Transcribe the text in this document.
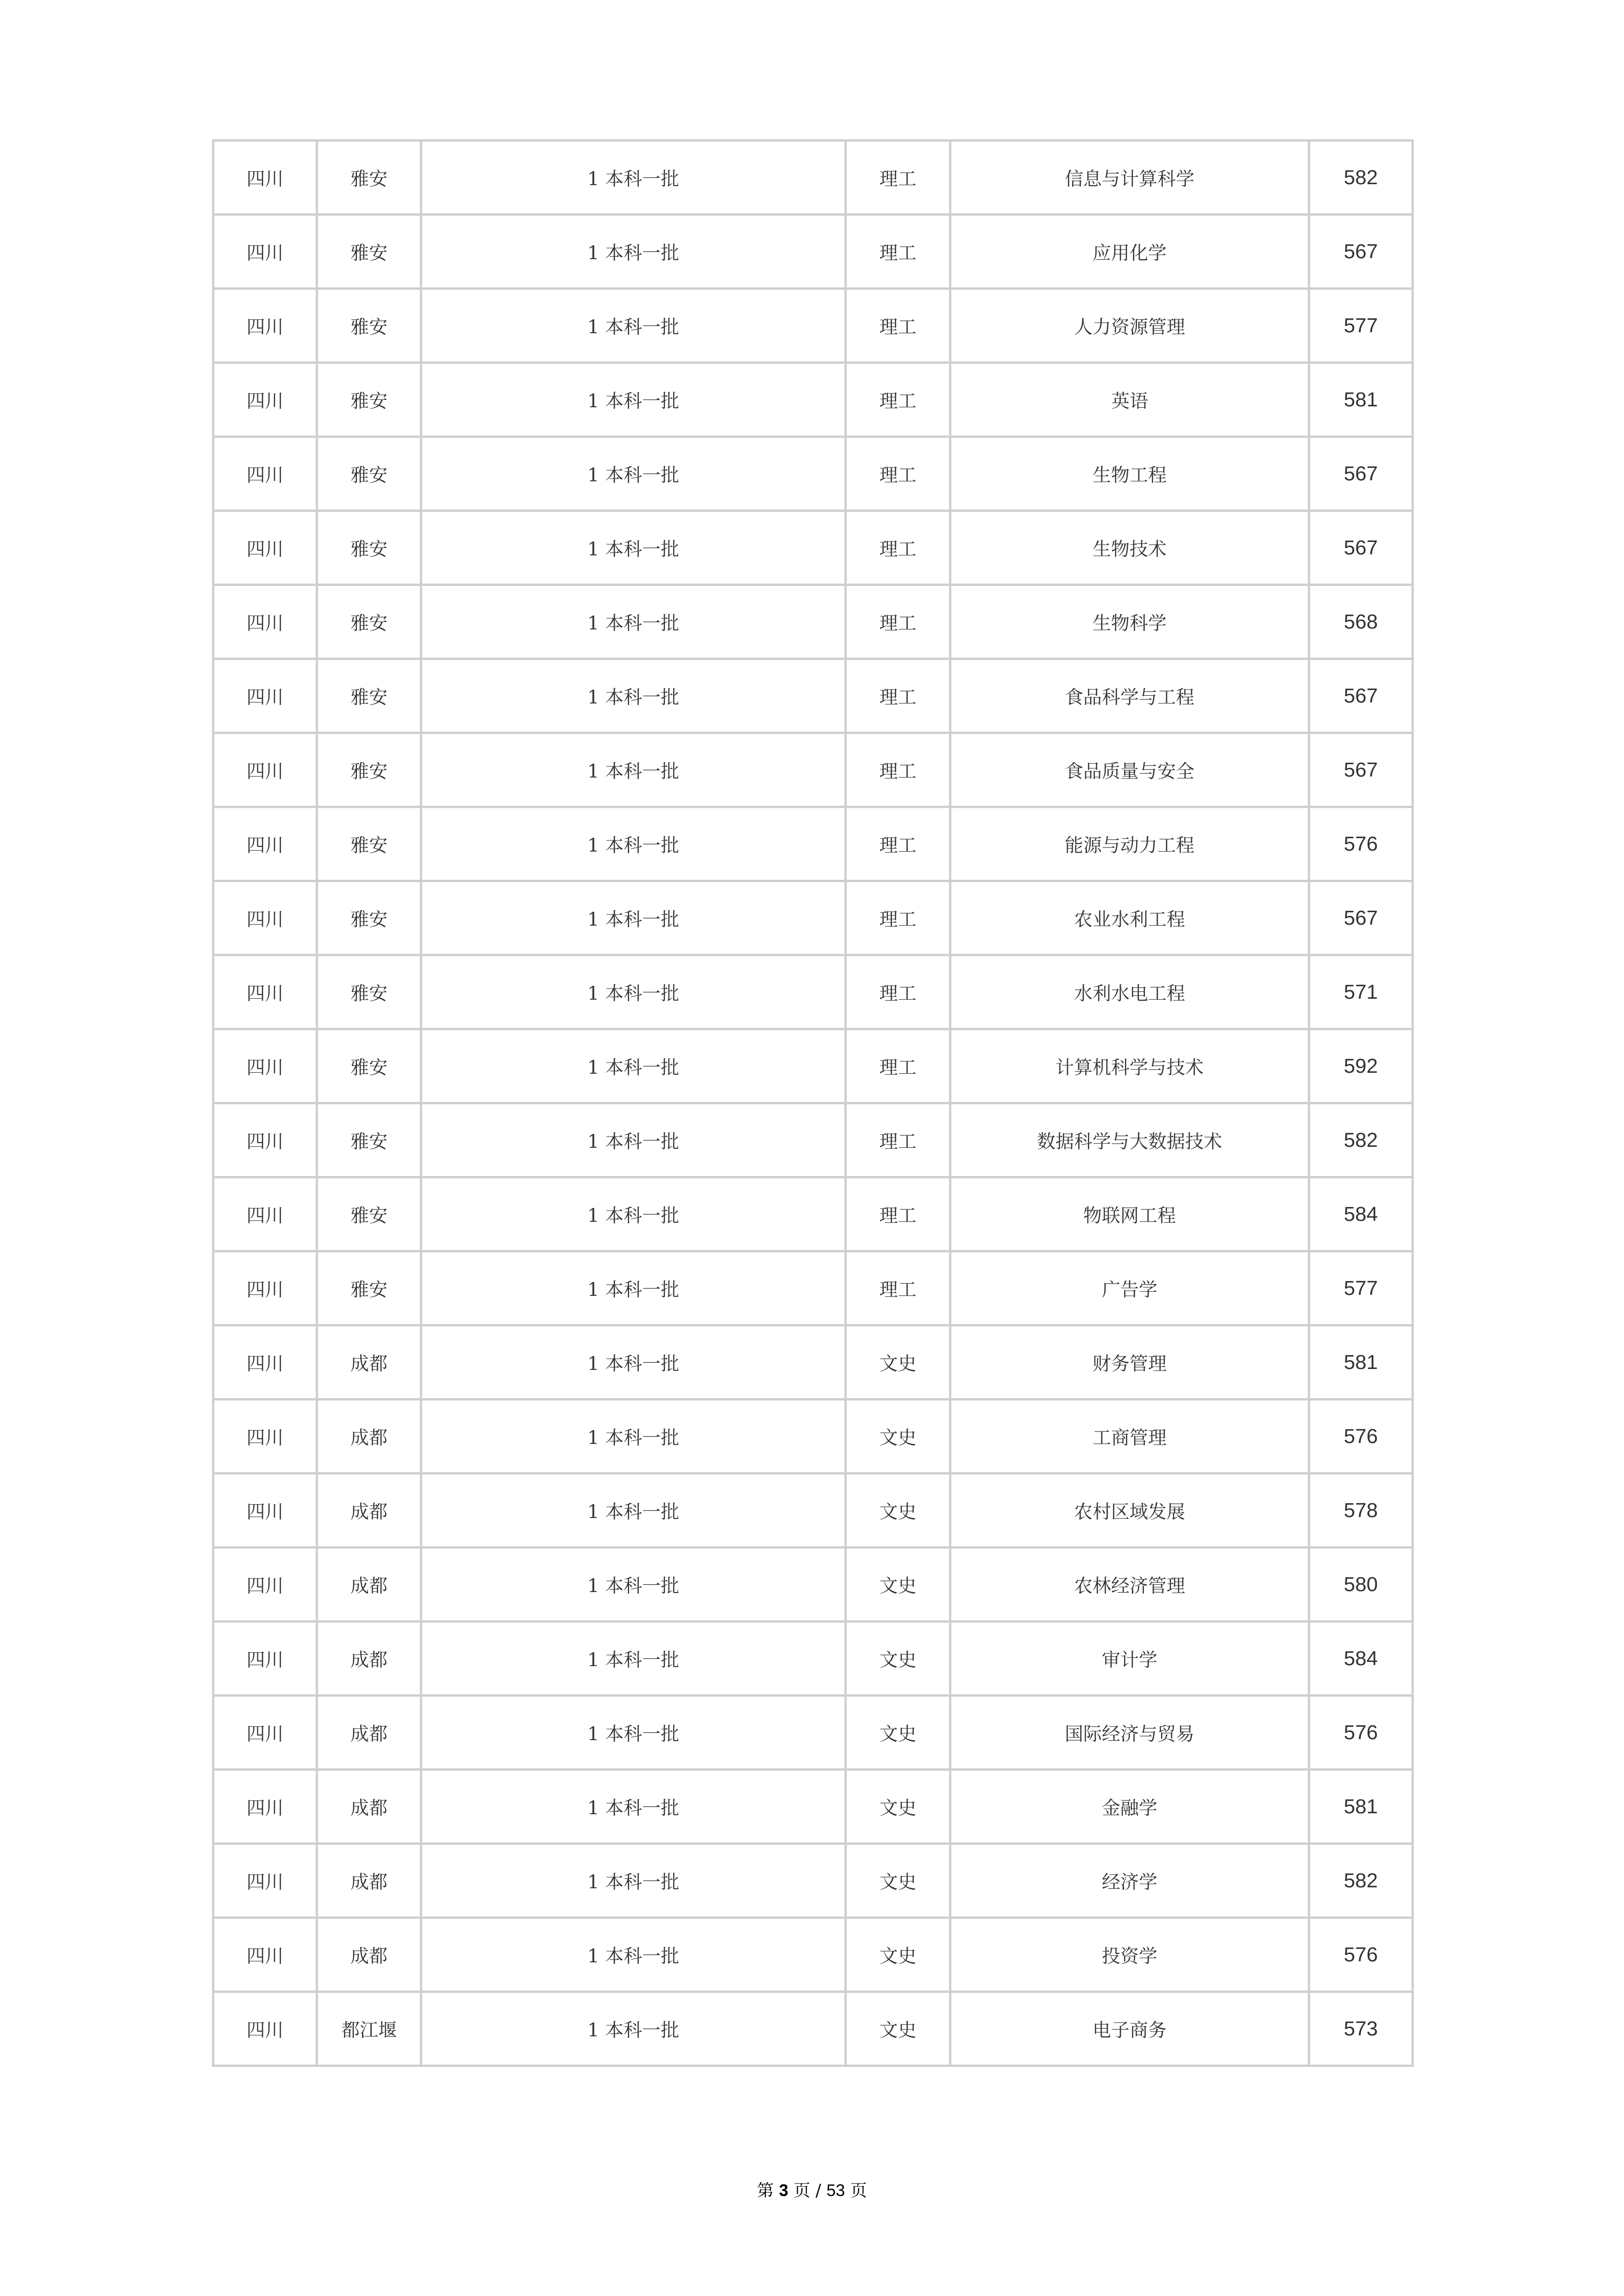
四川	雅安	1 本科一批	理工	信息与计算科学	582
四川	雅安	1 本科一批	理工	应用化学	567
四川	雅安	1 本科一批	理工	人力资源管理	577
四川	雅安	1 本科一批	理工	英语	581
四川	雅安	1 本科一批	理工	生物工程	567
四川	雅安	1 本科一批	理工	生物技术	567
四川	雅安	1 本科一批	理工	生物科学	568
四川	雅安	1 本科一批	理工	食品科学与工程	567
四川	雅安	1 本科一批	理工	食品质量与安全	567
四川	雅安	1 本科一批	理工	能源与动力工程	576
四川	雅安	1 本科一批	理工	农业水利工程	567
四川	雅安	1 本科一批	理工	水利水电工程	571
四川	雅安	1 本科一批	理工	计算机科学与技术	592
四川	雅安	1 本科一批	理工	数据科学与大数据技术	582
四川	雅安	1 本科一批	理工	物联网工程	584
四川	雅安	1 本科一批	理工	广告学	577
四川	成都	1 本科一批	文史	财务管理	581
四川	成都	1 本科一批	文史	工商管理	576
四川	成都	1 本科一批	文史	农村区域发展	578
四川	成都	1 本科一批	文史	农林经济管理	580
四川	成都	1 本科一批	文史	审计学	584
四川	成都	1 本科一批	文史	国际经济与贸易	576
四川	成都	1 本科一批	文史	金融学	581
四川	成都	1 本科一批	文史	经济学	582
四川	成都	1 本科一批	文史	投资学	576
四川	都江堰	1 本科一批	文史	电子商务	573
第 3 页 / 53 页
